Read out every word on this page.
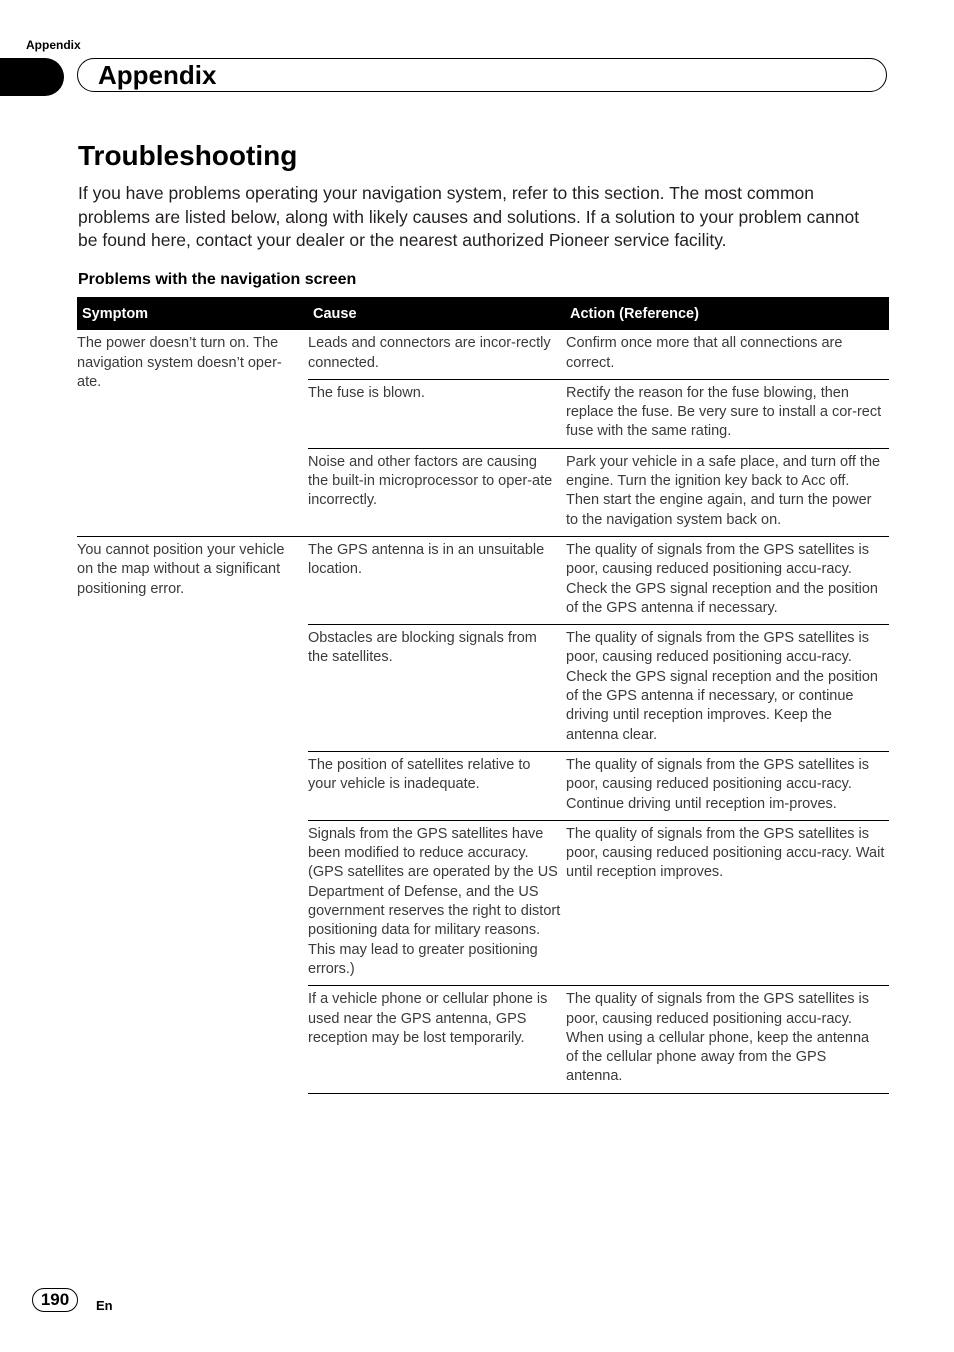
Appendix
Appendix
Troubleshooting

If you have problems operating your navigation system, refer to this section. The most common problems are listed below, along with likely causes and solutions. If a solution to your problem cannot be found here, contact your dealer or the nearest authorized Pioneer service facility.

Problems with the navigation screen
Symptom	Cause	Action (Reference)
The power doesn’t turn on. The navigation system doesn’t oper-ate.	Leads and connectors are incor-rectly connected.	Confirm once more that all connections are correct.
	The fuse is blown.	Rectify the reason for the fuse blowing, then replace the fuse. Be very sure to install a cor-rect fuse with the same rating.
	Noise and other factors are causing the built-in microprocessor to oper-ate incorrectly.	Park your vehicle in a safe place, and turn off the engine. Turn the ignition key back to Acc off. Then start the engine again, and turn the power to the navigation system back on.
You cannot position your vehicle on the map without a significant positioning error.	The GPS antenna is in an unsuitable location.	The quality of signals from the GPS satellites is poor, causing reduced positioning accu-racy. Check the GPS signal reception and the position of the GPS antenna if necessary.
	Obstacles are blocking signals from the satellites.	The quality of signals from the GPS satellites is poor, causing reduced positioning accu-racy. Check the GPS signal reception and the position of the GPS antenna if necessary, or continue driving until reception improves. Keep the antenna clear.
	The position of satellites relative to your vehicle is inadequate.	The quality of signals from the GPS satellites is poor, causing reduced positioning accu-racy. Continue driving until reception im-proves.
	Signals from the GPS satellites have been modified to reduce accuracy. (GPS satellites are operated by the US Department of Defense, and the US government reserves the right to distort positioning data for military reasons. This may lead to greater positioning errors.)	The quality of signals from the GPS satellites is poor, causing reduced positioning accu-racy. Wait until reception improves.
	If a vehicle phone or cellular phone is used near the GPS antenna, GPS reception may be lost temporarily.	The quality of signals from the GPS satellites is poor, causing reduced positioning accu-racy. When using a cellular phone, keep the antenna of the cellular phone away from the GPS antenna.
190	En
